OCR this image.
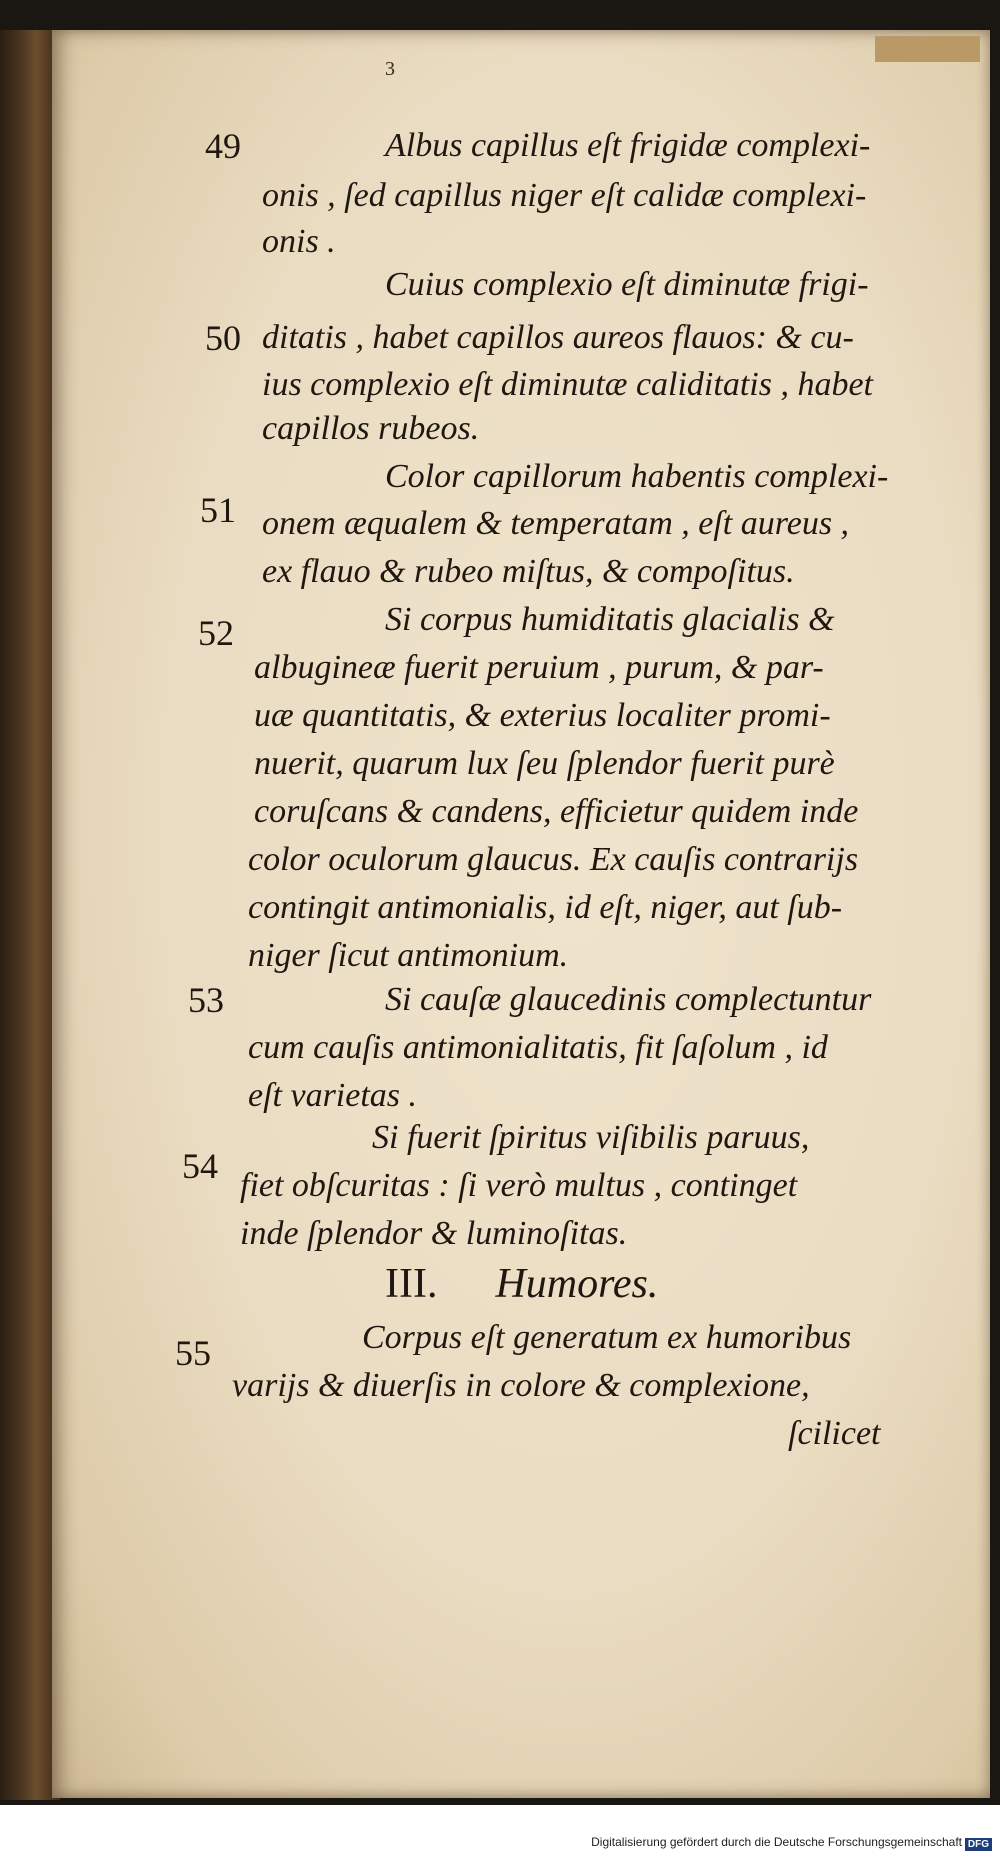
3
49	Albus capillus eſt frigidæ complexi-
onis , ſed capillus niger eſt calidæ complexi-
onis .
Cuius complexio eſt diminutæ frigi-
50 ditatis , habet capillos aureos flauos: & cu-
ius complexio eſt diminutæ caliditatis , habet
capillos rubeos.
51
Color capillorum habentis complexi-
onem æqualem & temperatam , eſt aureus ,
ex flauo & rubeo miſtus, & compoſitus.
52	Si corpus humiditatis glacialis &
albugineæ fuerit peruium , purum, & par-
uæ quantitatis, & exterius localiter promi-
nuerit, quarum lux ſeu ſplendor fuerit purè
coruſcans & candens, efficietur quidem inde
color oculorum glaucus. Ex cauſis contrarijs
contingit antimonialis, id eſt, niger, aut ſub-
niger ſicut antimonium.
53	Si cauſæ glaucedinis complectuntur
cum cauſis antimonialitatis, fit ſaſolum , id
eſt varietas .
54
Si fuerit ſpiritus viſibilis paruus,
fiet obſcuritas : ſi verò multus , continget
inde ſplendor & luminoſitas.
III. Humores.
55	Corpus eſt generatum ex humoribus
varijs & diuerſis in colore & complexione,
ſcilicet
Digitalisierung gefördert durch die Deutsche Forschungsgemeinschaft DFG
